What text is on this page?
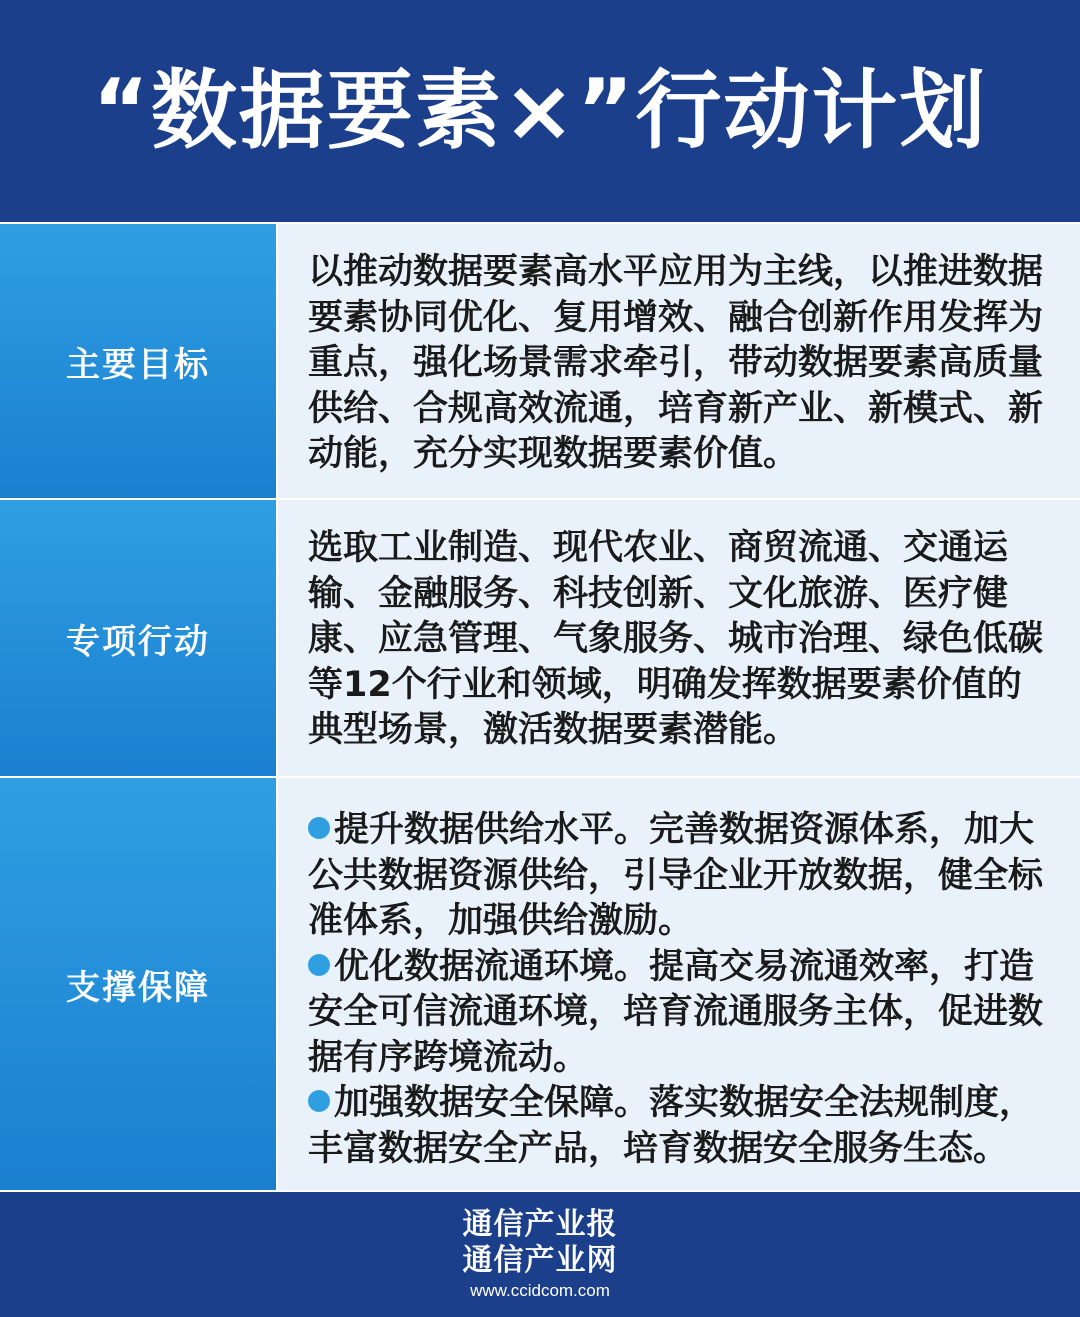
“数据要素×”行动计划
主要目标

以推动数据要素高水平应用为主线，以推进数据要素协同优化、复用增效、融合创新作用发挥为重点，强化场景需求牵引，带动数据要素高质量供给、合规高效流通，培育新产业、新模式、新动能，充分实现数据要素价值。

专项行动

选取工业制造、现代农业、商贸流通、交通运输、金融服务、科技创新、文化旅游、医疗健康、应急管理、气象服务、城市治理、绿色低碳等12个行业和领域，明确发挥数据要素价值的典型场景，激活数据要素潜能。

支撑保障

提升数据供给水平。完善数据资源体系，加大公共数据资源供给，引导企业开放数据，健全标准体系，加强供给激励。

优化数据流通环境。提高交易流通效率，打造安全可信流通环境，培育流通服务主体，促进数据有序跨境流动。

加强数据安全保障。落实数据安全法规制度，丰富数据安全产品，培育数据安全服务生态。

通信产业报
通信产业网
www.ccidcom.com
